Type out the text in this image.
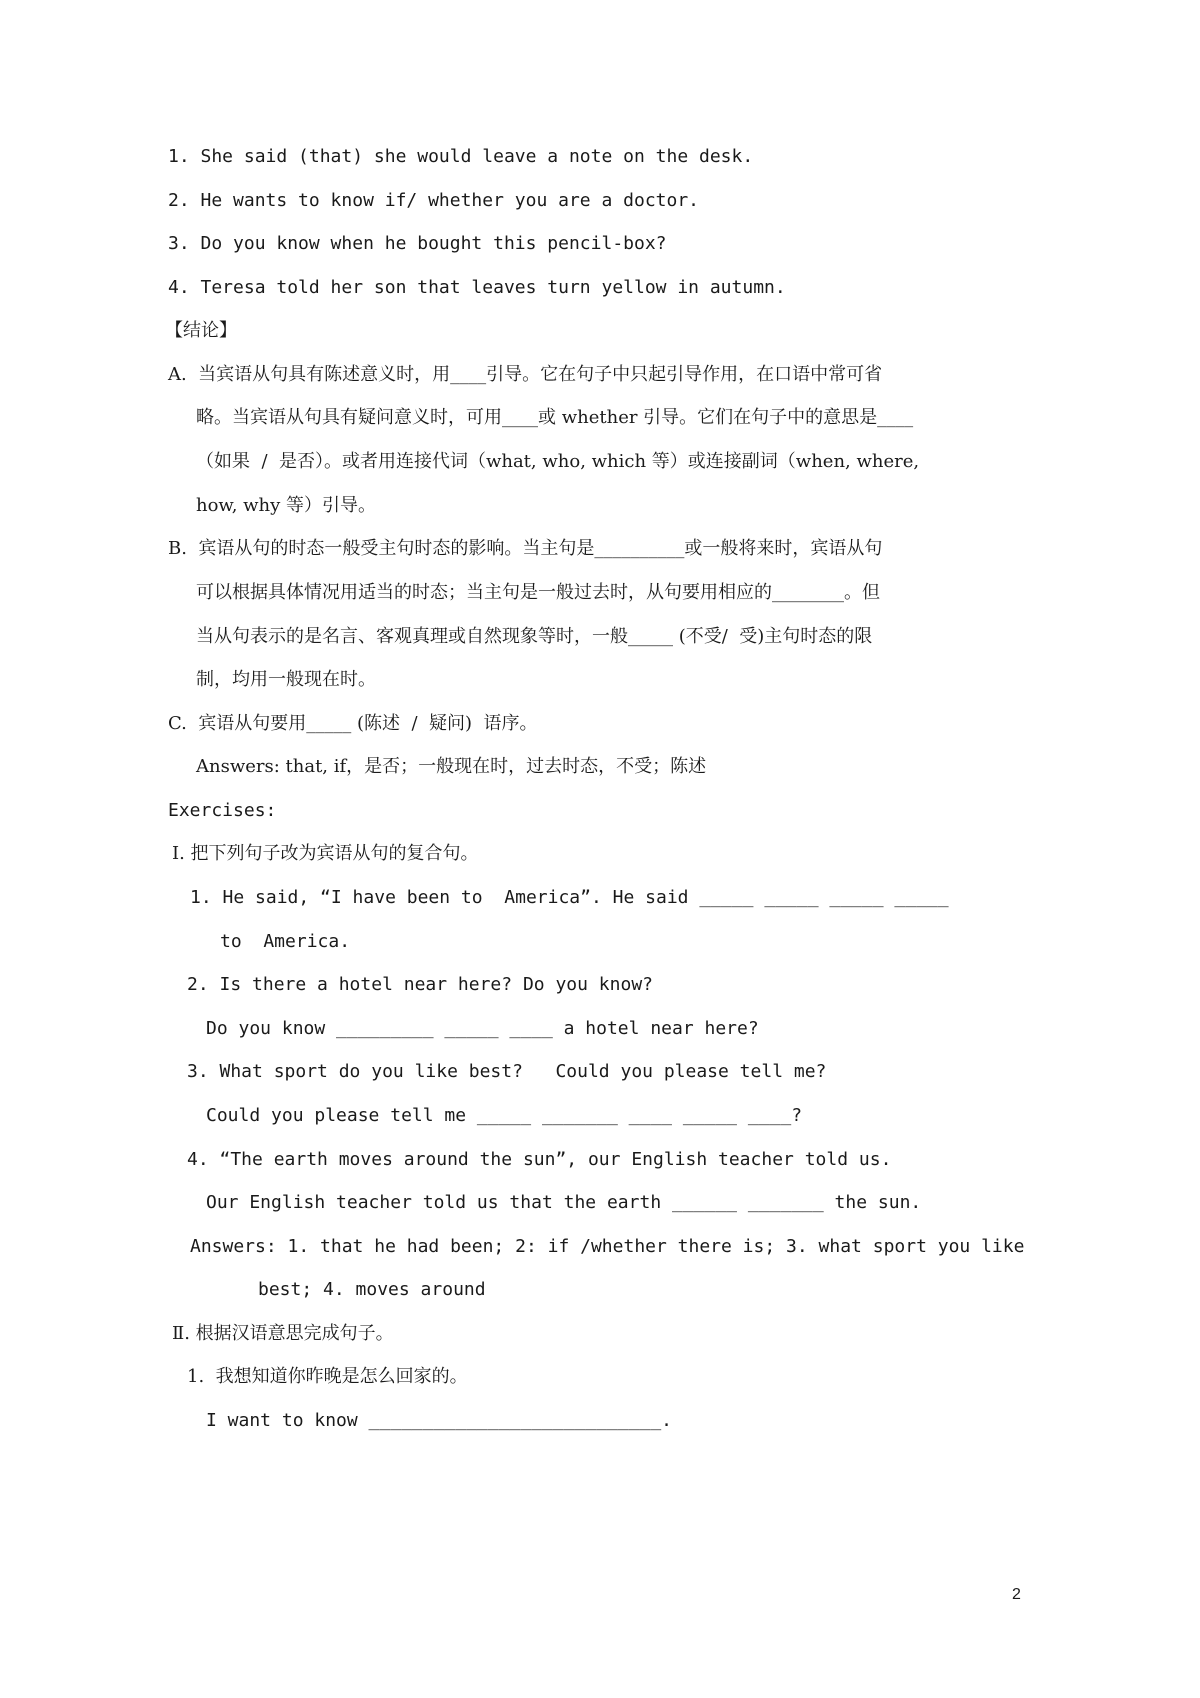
1. She said (that) she would leave a note on the desk.
2. He wants to know if/ whether you are a doctor.
3. Do you know when he bought this pencil-box?
4. Teresa told her son that leaves turn yellow in autumn.
【结论】
A.  当宾语从句具有陈述意义时，用____引导。它在句子中只起引导作用，在口语中常可省
略。当宾语从句具有疑问意义时，可用____或 whether 引导。它们在句子中的意思是____
（如果  /  是否）。或者用连接代词（what, who, which 等）或连接副词（when, where,
how, why 等）引导。
B.  宾语从句的时态一般受主句时态的影响。当主句是__________或一般将来时，宾语从句
可以根据具体情况用适当的时态；当主句是一般过去时，从句要用相应的________。但
当从句表示的是名言、客观真理或自然现象等时，一般_____ (不受/  受)主句时态的限
制，均用一般现在时。
C.  宾语从句要用_____ (陈述  /  疑问)  语序。
Answers: that, if，是否；一般现在时，过去时态，不受；陈述
Exercises:
Ⅰ. 把下列句子改为宾语从句的复合句。
1. He said, “I have been to  America”. He said _____ _____ _____ _____
to  America.
2. Is there a hotel near here? Do you know?
Do you know _________ _____ ____ a hotel near here?
3. What sport do you like best?   Could you please tell me?
Could you please tell me _____ _______ ____ _____ ____?
4. “The earth moves around the sun”, our English teacher told us.
Our English teacher told us that the earth ______ _______ the sun.
Answers: 1. that he had been; 2: if /whether there is; 3. what sport you like
best; 4. moves around
Ⅱ. 根据汉语意思完成句子。
1.  我想知道你昨晚是怎么回家的。
I want to know ___________________________.
2
